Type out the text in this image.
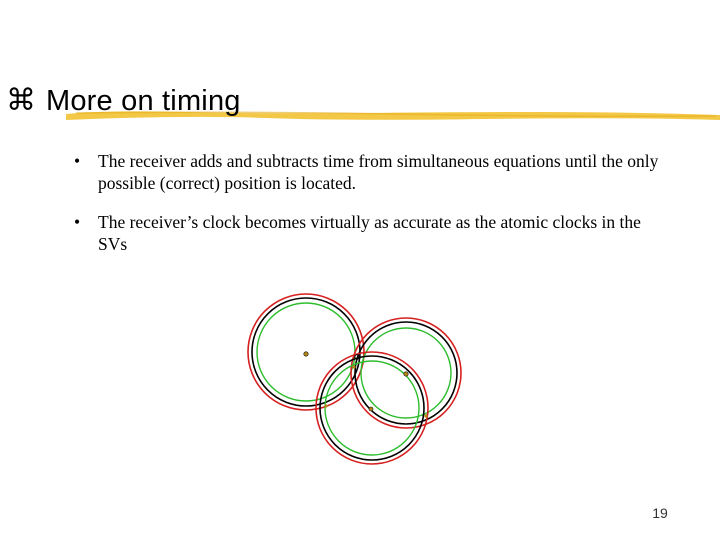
⌘ More on timing
• The receiver adds and subtracts time from simultaneous equations until the only possible (correct) position is located.
• The receiver’s clock becomes virtually as accurate as the atomic clocks in the SVs
19
